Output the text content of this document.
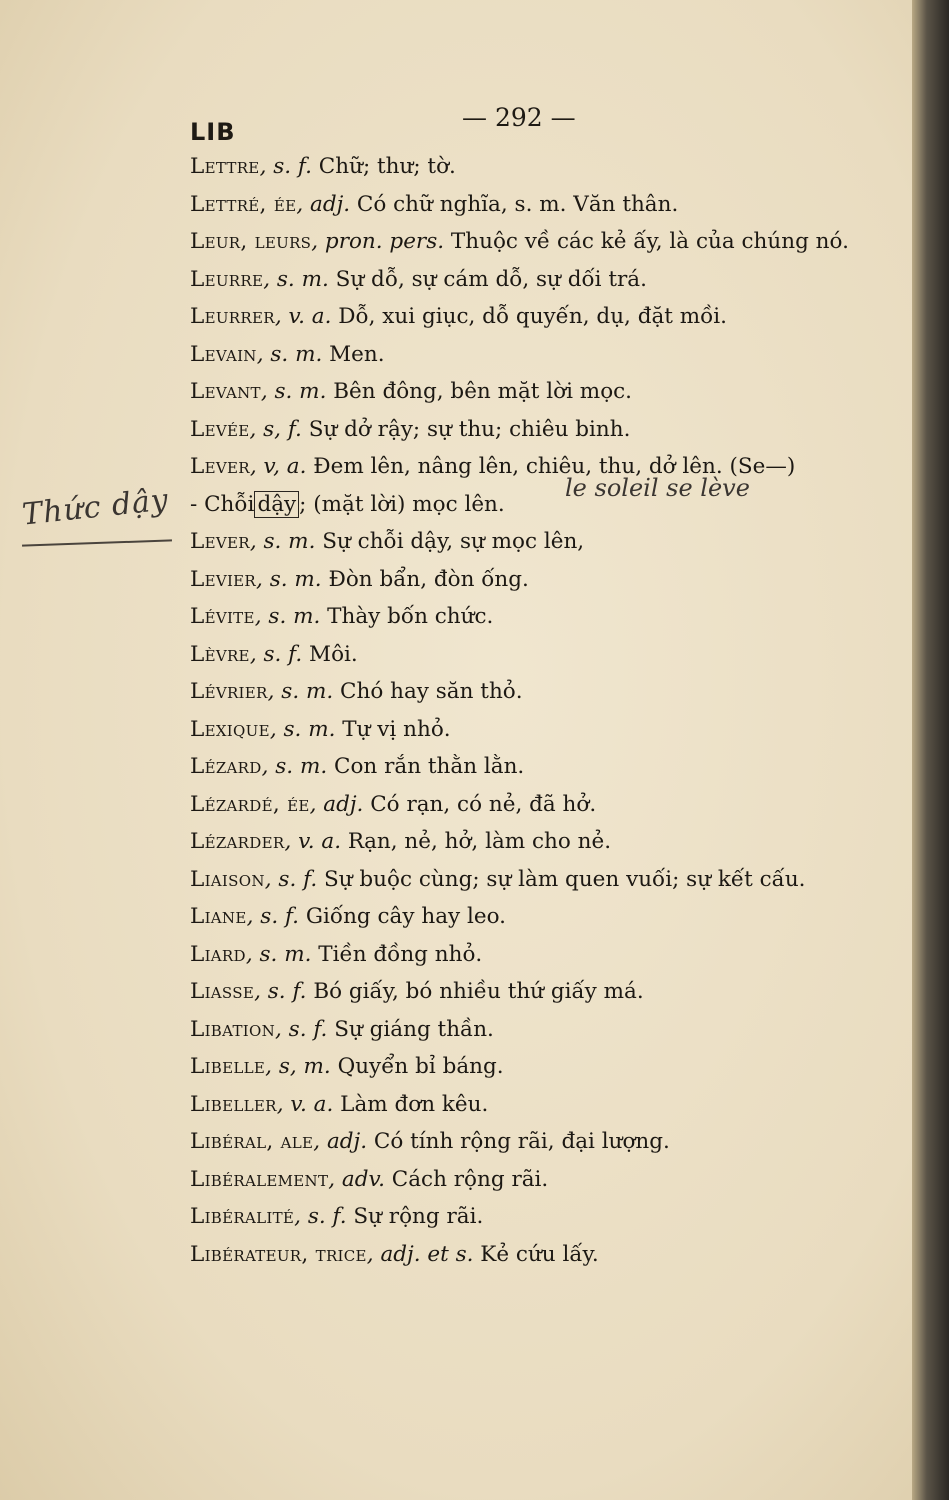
LIB	— 292 —
Lettre, s. f. Chữ; thư; tờ.
Lettré, ée, adj. Có chữ nghĩa, s. m. Văn thân.
Leur, leurs, pron. pers. Thuộc về các kẻ ấy, là của chúng nó.
Leurre, s. m. Sự dỗ, sự cám dỗ, sự dối trá.
Leurrer, v. a. Dỗ, xui giục, dỗ quyến, dụ, đặt mồi.
Levain, s. m. Men.
Levant, s. m. Bên đông, bên mặt lời mọc.
Levée, s, f. Sự dở rậy; sự thu; chiêu binh.
Lever, v, a. Đem lên, nâng lên, chiêu, thu, dở lên. (Se—)
- Chỗi dậy ; (mặt lời) mọc lên.
Lever, s. m. Sự chỗi dậy, sự mọc lên,
Levier, s. m. Đòn bẩn, đòn ống.
Lévite, s. m. Thày bốn chức.
Lèvre, s. f. Môi.
Lévrier, s. m. Chó hay săn thỏ.
Lexique, s. m. Tự vị nhỏ.
Lézard, s. m. Con rắn thằn lằn.
Lézardé, ée, adj. Có rạn, có nẻ, đã hở.
Lézarder, v. a. Rạn, nẻ, hở, làm cho nẻ.
Liaison, s. f. Sự buộc cùng; sự làm quen vuối; sự kết cấu.
Liane, s. f. Giống cây hay leo.
Liard, s. m. Tiền đồng nhỏ.
Liasse, s. f. Bó giấy, bó nhiều thứ giấy má.
Libation, s. f. Sự giáng thần.
Libelle, s, m. Quyển bỉ báng.
Libeller, v. a. Làm đơn kêu.
Libéral, ale, adj. Có tính rộng rãi, đại lượng.
Libéralement, adv. Cách rộng rãi.
Libéralité, s. f. Sự rộng rãi.
Libérateur, trice, adj. et s. Kẻ cứu lấy.
Thức dậy	le soleil se lève
